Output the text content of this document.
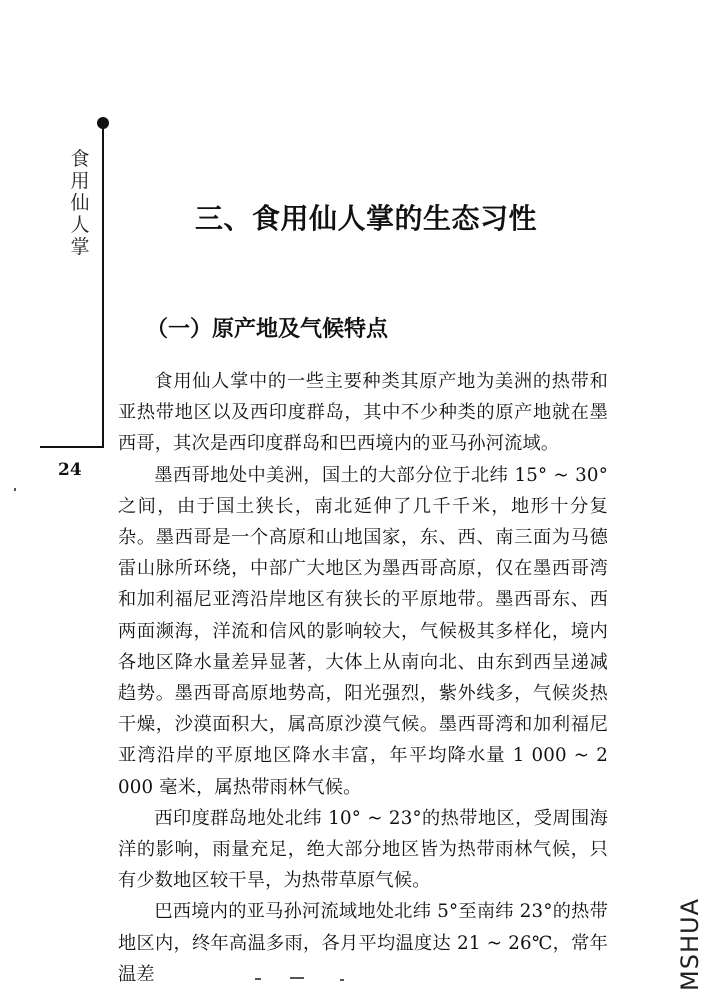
食用仙人掌
24
三、食用仙人掌的生态习性
（一）原产地及气候特点

食用仙人掌中的一些主要种类其原产地为美洲的热带和亚热带地区以及西印度群岛，其中不少种类的原产地就在墨西哥，其次是西印度群岛和巴西境内的亚马孙河流域。

墨西哥地处中美洲，国土的大部分位于北纬 15° ~ 30°之间，由于国土狭长，南北延伸了几千千米，地形十分复杂。墨西哥是一个高原和山地国家，东、西、南三面为马德雷山脉所环绕，中部广大地区为墨西哥高原，仅在墨西哥湾和加利福尼亚湾沿岸地区有狭长的平原地带。墨西哥东、西两面濒海，洋流和信风的影响较大，气候极其多样化，境内各地区降水量差异显著，大体上从南向北、由东到西呈递减趋势。墨西哥高原地势高，阳光强烈，紫外线多，气候炎热干燥，沙漠面积大，属高原沙漠气候。墨西哥湾和加利福尼亚湾沿岸的平原地区降水丰富，年平均降水量 1 000 ~ 2 000 毫米，属热带雨林气候。

西印度群岛地处北纬 10° ~ 23°的热带地区，受周围海洋的影响，雨量充足，绝大部分地区皆为热带雨林气候，只有少数地区较干旱，为热带草原气候。

巴西境内的亚马孙河流域地处北纬 5°至南纬 23°的热带地区内，终年高温多雨，各月平均温度达 21 ~ 26℃，常年温差	MSHUA
